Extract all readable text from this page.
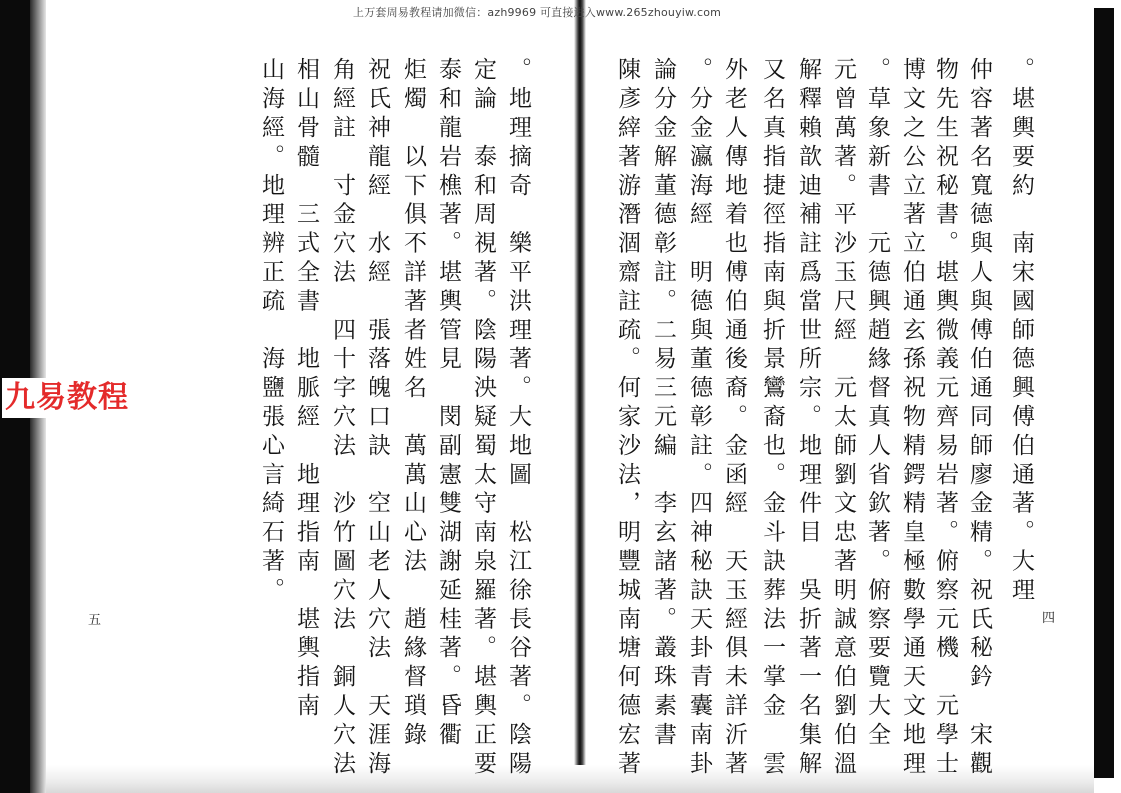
上万套周易教程请加微信：azh9969 可直接进入www.265zhouyiw.com
九易教程	。堪輿要約　南宋國師德興傅伯通著。大理
仲容著名寬德與人與傅伯通同師廖金精。祝氏秘鈐　宋觀
物先生祝秘書。堪輿微義元齊易岩著。俯察元機　元學士
博文之公立著立伯通玄孫祝物精鍔精皇極數學通天文地理
。草象新書　元德興趙緣督真人省欽著。俯察要覽大全
元曾萬著。平沙玉尺經　元太師劉文忠著明誠意伯劉伯溫
解釋賴歆迪補註爲當世所宗。地理件目　吳折著一名集解
又名真指捷徑指南與折景鸞裔也。金斗訣葬法一掌金　雲
外老人傳地着也傅伯通後裔。金函經　天玉經俱未詳沂著
。分金瀛海經　明德與董德彰註。四神秘訣天卦青囊南卦
論分金解董德彰註。二易三元編　李玄諸著。叢珠素書
陳彥縡著游潛涸齋註疏。何家沙法，明豐城南塘何德宏著	四
。地理摘奇　樂平洪理著。大地圖　松江徐長谷著。陰陽
定論　泰和周視著。陰陽泱疑蜀太守南泉羅著。堪輿正要
泰和龍岩樵著。堪輿管見　閔副憲雙湖謝延桂著。昏衢
炬燭　以下俱不詳著者姓名　萬萬山心法　趙緣督瑣錄
祝氏神龍經　水經　張落魄口訣　空山老人穴法　天涯海
角經註　寸金穴法　四十字穴法　沙竹圖穴法　銅人穴法
相山骨髓　三式全書　地脈經　地理指南　堪輿指南
山海經。地理辨正疏　海鹽張心言綺石著。
五
